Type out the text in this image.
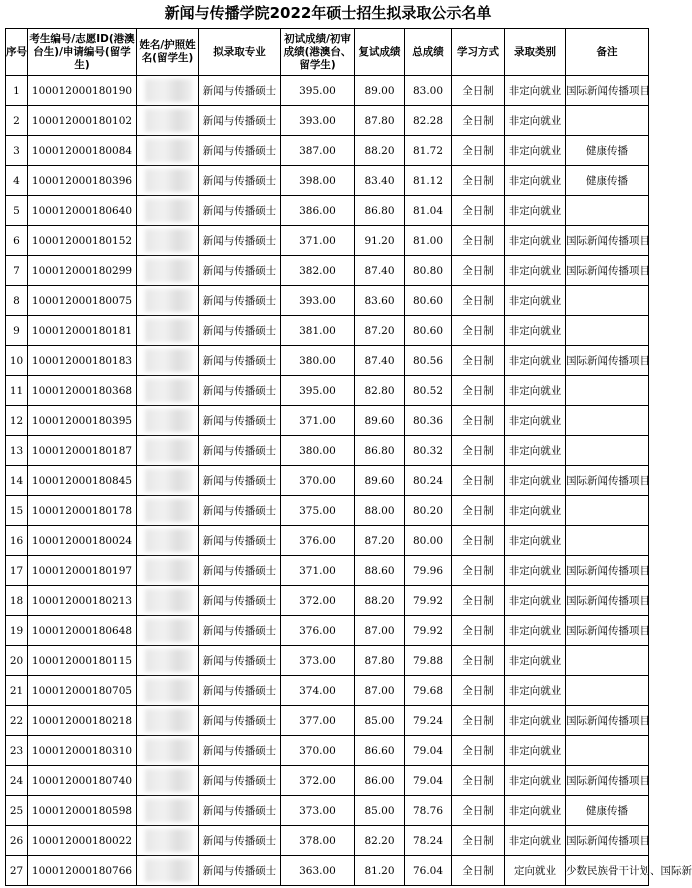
新闻与传播学院2022年硕士招生拟录取公示名单
序号	考生编号/志愿ID(港澳台生)/申请编号(留学生)	姓名/护照姓名(留学生)	拟录取专业	初试成绩/初审成绩(港澳台、留学生)	复试成绩	总成绩	学习方式	录取类别	备注
1	100012000180190		新闻与传播硕士	395.00	89.00	83.00	全日制	非定向就业	国际新闻传播项目
2	100012000180102		新闻与传播硕士	393.00	87.80	82.28	全日制	非定向就业	
3	100012000180084		新闻与传播硕士	387.00	88.20	81.72	全日制	非定向就业	健康传播
4	100012000180396		新闻与传播硕士	398.00	83.40	81.12	全日制	非定向就业	健康传播
5	100012000180640		新闻与传播硕士	386.00	86.80	81.04	全日制	非定向就业	
6	100012000180152		新闻与传播硕士	371.00	91.20	81.00	全日制	非定向就业	国际新闻传播项目
7	100012000180299		新闻与传播硕士	382.00	87.40	80.80	全日制	非定向就业	国际新闻传播项目
8	100012000180075		新闻与传播硕士	393.00	83.60	80.60	全日制	非定向就业	
9	100012000180181		新闻与传播硕士	381.00	87.20	80.60	全日制	非定向就业	
10	100012000180183		新闻与传播硕士	380.00	87.40	80.56	全日制	非定向就业	国际新闻传播项目
11	100012000180368		新闻与传播硕士	395.00	82.80	80.52	全日制	非定向就业	
12	100012000180395		新闻与传播硕士	371.00	89.60	80.36	全日制	非定向就业	
13	100012000180187		新闻与传播硕士	380.00	86.80	80.32	全日制	非定向就业	
14	100012000180845		新闻与传播硕士	370.00	89.60	80.24	全日制	非定向就业	国际新闻传播项目
15	100012000180178		新闻与传播硕士	375.00	88.00	80.20	全日制	非定向就业	
16	100012000180024		新闻与传播硕士	376.00	87.20	80.00	全日制	非定向就业	
17	100012000180197		新闻与传播硕士	371.00	88.60	79.96	全日制	非定向就业	国际新闻传播项目
18	100012000180213		新闻与传播硕士	372.00	88.20	79.92	全日制	非定向就业	国际新闻传播项目
19	100012000180648		新闻与传播硕士	376.00	87.00	79.92	全日制	非定向就业	国际新闻传播项目
20	100012000180115		新闻与传播硕士	373.00	87.80	79.88	全日制	非定向就业	
21	100012000180705		新闻与传播硕士	374.00	87.00	79.68	全日制	非定向就业	
22	100012000180218		新闻与传播硕士	377.00	85.00	79.24	全日制	非定向就业	国际新闻传播项目
23	100012000180310		新闻与传播硕士	370.00	86.60	79.04	全日制	非定向就业	
24	100012000180740		新闻与传播硕士	372.00	86.00	79.04	全日制	非定向就业	国际新闻传播项目
25	100012000180598		新闻与传播硕士	373.00	85.00	78.76	全日制	非定向就业	健康传播
26	100012000180022		新闻与传播硕士	378.00	82.20	78.24	全日制	非定向就业	国际新闻传播项目
27	100012000180766		新闻与传播硕士	363.00	81.20	76.04	全日制	定向就业	少数民族骨干计划、国际新
